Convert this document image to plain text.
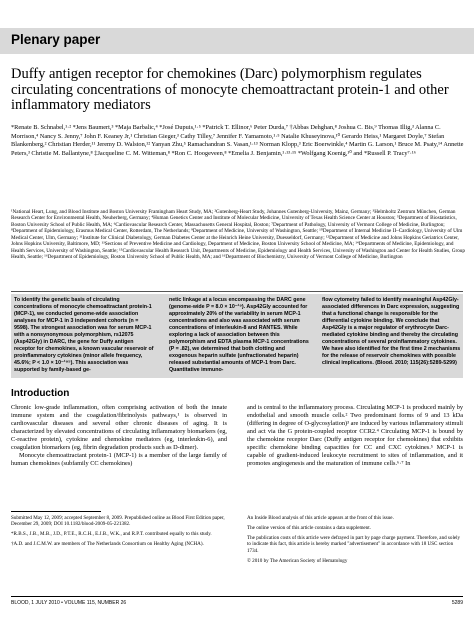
Plenary paper
Duffy antigen receptor for chemokines (Darc) polymorphism regulates circulating concentrations of monocyte chemoattractant protein-1 and other inflammatory mediators
*Renate B. Schnabel,¹·² *Jens Baumert,³ *Maja Barbalic,⁴ *José Dupuis,¹·⁵ *Patrick T. Ellinor,⁶ Peter Durda,⁷ †Abbas Dehghan,⁸ Joshua C. Bis,⁹ Thomas Illig,³ Alanna C. Morrison,⁴ Nancy S. Jenny,⁷ John F. Keaney Jr,¹ Christian Gieger,³ Cathy Tilley,⁷ Jennifer F. Yamamoto,¹·⁵ Natalie Khuseyinova,¹⁰ Gerardo Heiss,¹ Margaret Doyle,⁷ Stefan Blankenberg,² Christian Herder,¹¹ Jeremy D. Walston,¹² Yanyan Zhu,⁵ Ramachandran S. Vasan,¹·¹³ Norman Klopp,³ Eric Boerwinkle,⁴ Martin G. Larson,¹ Bruce M. Psaty,¹⁴ Annette Peters,³ Christie M. Ballantyne,⁸ ‡Jacqueline C. M. Witteman,⁸ *Ron C. Hoogeveen,⁸ *Emelia J. Benjamin,¹·¹³·¹⁵ *Wolfgang Koenig,¹⁰ and *Russell P. Tracy⁷·¹⁶
¹National Heart, Lung, and Blood Institute and Boston University Framingham Heart Study, MA; ²Gutenberg-Heart Study, Johannes Gutenberg-University, Mainz, Germany; ³Helmholtz Zentrum München, German Research Center for Environmental Health, Neuherberg, Germany; ⁴Human Genetics Center and Institute of Molecular Medicine, University of Texas Health Science Center at Houston; ⁵Department of Biostatistics, Boston University School of Public Health, MA; ⁶Cardiovascular Research Center, Massachusetts General Hospital, Boston; ⁷Department of Pathology, University of Vermont College of Medicine, Burlington; ⁸Department of Epidemiology, Erasmus Medical Center, Rotterdam, The Netherlands; ⁹Department of Medicine, University of Washington, Seattle; ¹⁰Department of Internal Medicine II–Cardiology, University of Ulm Medical Center, Ulm, Germany; ¹¹Institute for Clinical Diabetology, German Diabetes Center at the Heinrich Heine University, Duesseldorf, Germany; ¹²Department of Medicine and Johns Hopkins Geriatrics Center, Johns Hopkins University, Baltimore, MD; ¹³Sections of Preventive Medicine and Cardiology, Department of Medicine, Boston University School of Medicine, MA; ¹⁴Departments of Medicine, Epidemiology, and Health Services, University of Washington, Seattle; ¹⁵Cardiovascular Health Research Unit, Departments of Medicine, Epidemiology and Health Services, University of Washington and Center for Health Studies, Group Health, Seattle; ¹⁶Department of Epidemiology, Boston University School of Public Health, MA; and ¹⁶Department of Biochemistry, University of Vermont College of Medicine, Burlington
To identify the genetic basis of circulating concentrations of monocyte chemoattractant protein-1 (MCP-1), we conducted genome-wide association analyses for MCP-1 in 3 independent cohorts (n = 9598). The strongest association was for serum MCP-1 with a nonsynonymous polymorphism, rs12075 (Asp42Gly) in DARC, the gene for Duffy antigen receptor for chemokines, a known vascular reservoir of proinflammatory cytokines (minor allele frequency, 45.6%; P < 1.0 × 10⁻¹⁹⁵). This association was supported by family-based ge-
netic linkage at a locus encompassing the DARC gene (genome-wide P = 8.0 × 10⁻¹⁹). Asp42Gly accounted for approximately 20% of the variability in serum MCP-1 concentrations and also was associated with serum concentrations of interleukin-8 and RANTES. While exploring a lack of association between this polymorphism and EDTA plasma MCP-1 concentrations (P = .82), we determined that both clotting and exogenous heparin sulfate (unfractionated heparin) released substantial amounts of MCP-1 from Darc. Quantitative immuno-
flow cytometry failed to identify meaningful Asp42Gly-associated differences in Darc expression, suggesting that a functional change is responsible for the differential cytokine binding. We conclude that Asp42Gly is a major regulator of erythrocyte Darc-mediated cytokine binding and thereby the circulating concentrations of several proinflammatory cytokines. We have also identified for the first time 2 mechanisms for the release of reservoir chemokines with possible clinical implications. (Blood. 2010; 115(26):5289-5299)
Introduction

Chronic low-grade inflammation, often comprising activation of both the innate immune system and the coagulation/fibrinolysis pathways,¹ is observed in cardiovascular diseases and several other chronic diseases of aging. It is characterized by elevated concentrations of circulating inflammatory biomarkers (eg, C-reactive protein), cytokine and chemokine mediators (eg, interleukin-6), and coagulation biomarkers (eg, fibrin degradation products such as D-dimer).

Monocyte chemoattractant protein-1 (MCP-1) is a member of the large family of human chemokines (subfamily CC chemokines)

and is central to the inflammatory process. Circulating MCP-1 is produced mainly by endothelial and smooth muscle cells.² Two predominant forms of 9 and 13 kDa (differing in degree of O-glycosylation)³ are induced by various inflammatory stimuli and act via the G protein-coupled receptor CCR2.⁴ Circulating MCP-1 is bound by the chemokine receptor Darc (Duffy antigen receptor for chemokines) that exhibits specific chemokine binding capacities for CC and CXC cytokines.⁵ MCP-1 is capable of gradient-induced leukocyte recruitment to sites of inflammation, and it promotes angiogenesis and the maturation of immune cells.⁶·⁷ In

Submitted May 12, 2009; accepted September 8, 2009. Prepublished online as Blood First Edition paper, December 29, 2009; DOI 10.1182/blood-2009-05-221382.

*R.B.S., J.B., M.B., J.D., P.T.E., R.C.H., E.J.B., W.K., and R.P.T. contributed equally to this study.

†A.D. and J.C.M.W. are members of The Netherlands Consortium on Healthy Aging (NCHA).

An Inside Blood analysis of this article appears at the front of this issue.

The online version of this article contains a data supplement.

The publication costs of this article were defrayed in part by page charge payment. Therefore, and solely to indicate this fact, this article is hereby marked "advertisement" in accordance with 18 USC section 1734.

© 2010 by The American Society of Hematology

BLOOD, 1 JULY 2010 • VOLUME 115, NUMBER 26	5289
